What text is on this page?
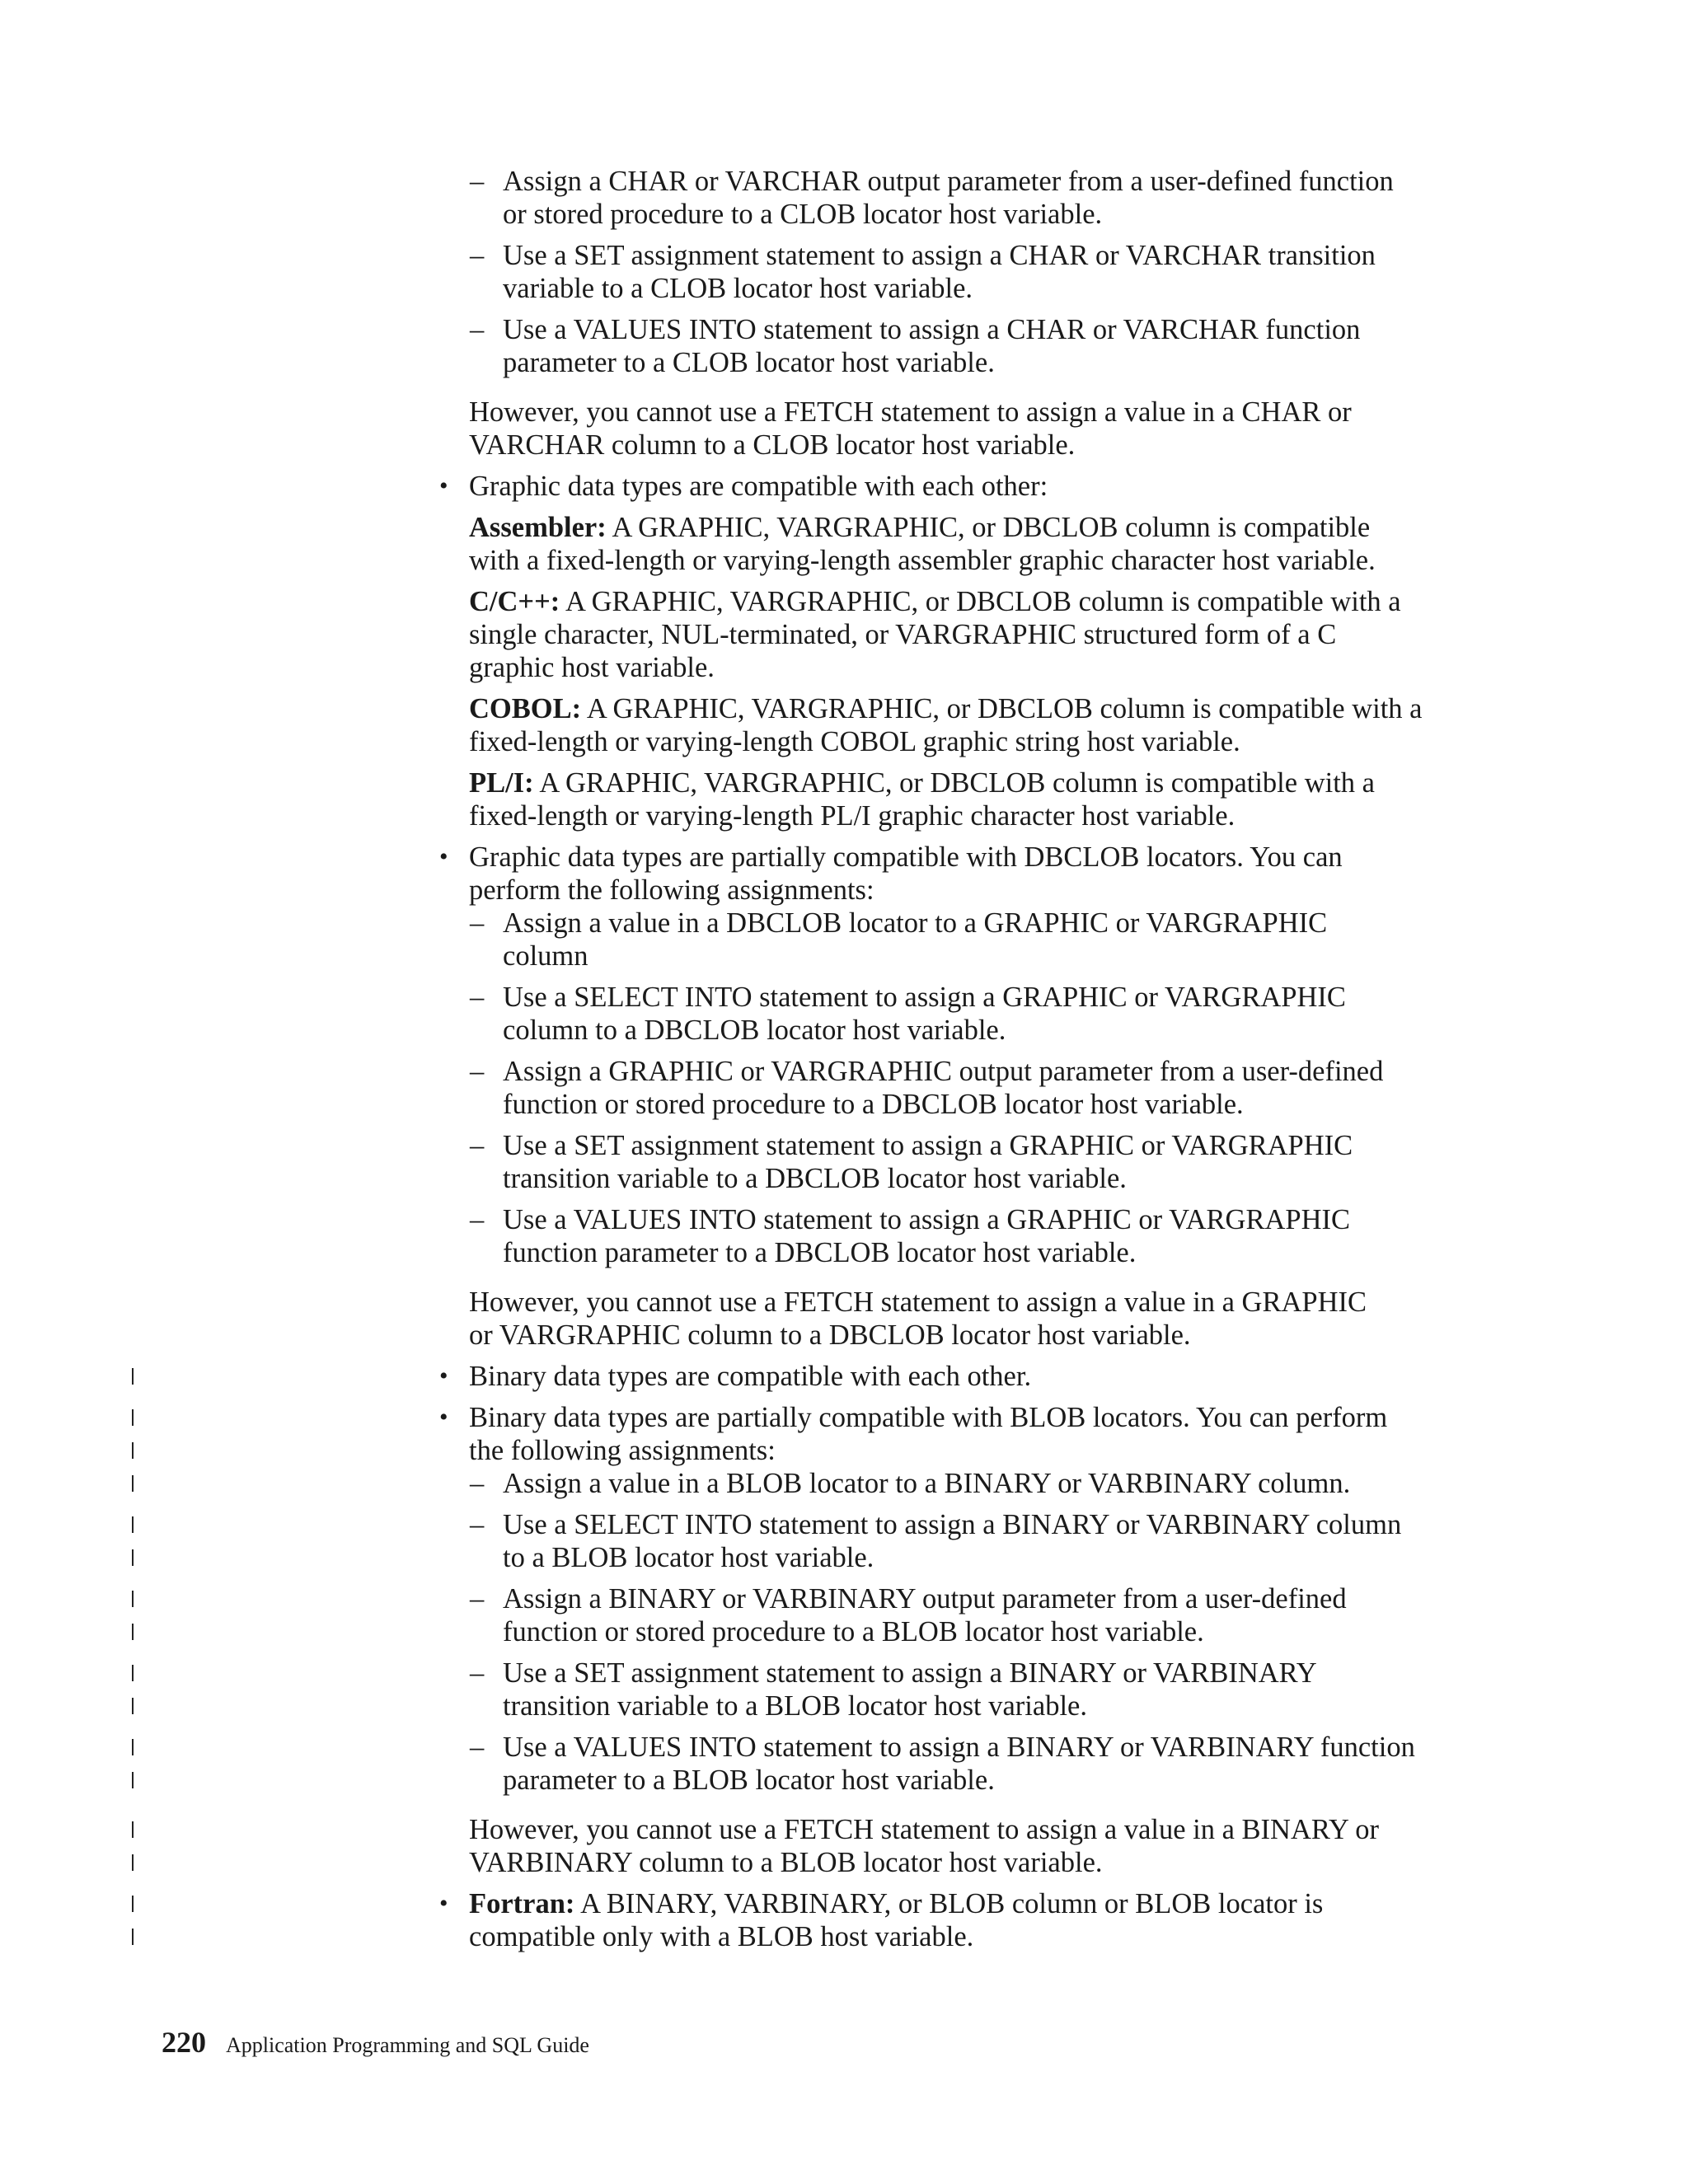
– Assign a CHAR or VARCHAR output parameter from a user-defined function
or stored procedure to a CLOB locator host variable.
– Use a SET assignment statement to assign a CHAR or VARCHAR transition
variable to a CLOB locator host variable.
– Use a VALUES INTO statement to assign a CHAR or VARCHAR function
parameter to a CLOB locator host variable.
However, you cannot use a FETCH statement to assign a value in a CHAR or
VARCHAR column to a CLOB locator host variable.
• Graphic data types are compatible with each other:
Assembler: A GRAPHIC, VARGRAPHIC, or DBCLOB column is compatible
with a fixed-length or varying-length assembler graphic character host variable.
C/C++: A GRAPHIC, VARGRAPHIC, or DBCLOB column is compatible with a
single character, NUL-terminated, or VARGRAPHIC structured form of a C
graphic host variable.
COBOL: A GRAPHIC, VARGRAPHIC, or DBCLOB column is compatible with a
fixed-length or varying-length COBOL graphic string host variable.
PL/I: A GRAPHIC, VARGRAPHIC, or DBCLOB column is compatible with a
fixed-length or varying-length PL/I graphic character host variable.
• Graphic data types are partially compatible with DBCLOB locators. You can
perform the following assignments:
– Assign a value in a DBCLOB locator to a GRAPHIC or VARGRAPHIC
column
– Use a SELECT INTO statement to assign a GRAPHIC or VARGRAPHIC
column to a DBCLOB locator host variable.
– Assign a GRAPHIC or VARGRAPHIC output parameter from a user-defined
function or stored procedure to a DBCLOB locator host variable.
– Use a SET assignment statement to assign a GRAPHIC or VARGRAPHIC
transition variable to a DBCLOB locator host variable.
– Use a VALUES INTO statement to assign a GRAPHIC or VARGRAPHIC
function parameter to a DBCLOB locator host variable.
However, you cannot use a FETCH statement to assign a value in a GRAPHIC
or VARGRAPHIC column to a DBCLOB locator host variable.
• Binary data types are compatible with each other.
• Binary data types are partially compatible with BLOB locators. You can perform
the following assignments:
– Assign a value in a BLOB locator to a BINARY or VARBINARY column.
– Use a SELECT INTO statement to assign a BINARY or VARBINARY column
to a BLOB locator host variable.
– Assign a BINARY or VARBINARY output parameter from a user-defined
function or stored procedure to a BLOB locator host variable.
– Use a SET assignment statement to assign a BINARY or VARBINARY
transition variable to a BLOB locator host variable.
– Use a VALUES INTO statement to assign a BINARY or VARBINARY function
parameter to a BLOB locator host variable.
However, you cannot use a FETCH statement to assign a value in a BINARY or
VARBINARY column to a BLOB locator host variable.
• Fortran: A BINARY, VARBINARY, or BLOB column or BLOB locator is
compatible only with a BLOB host variable.
220 Application Programming and SQL Guide
